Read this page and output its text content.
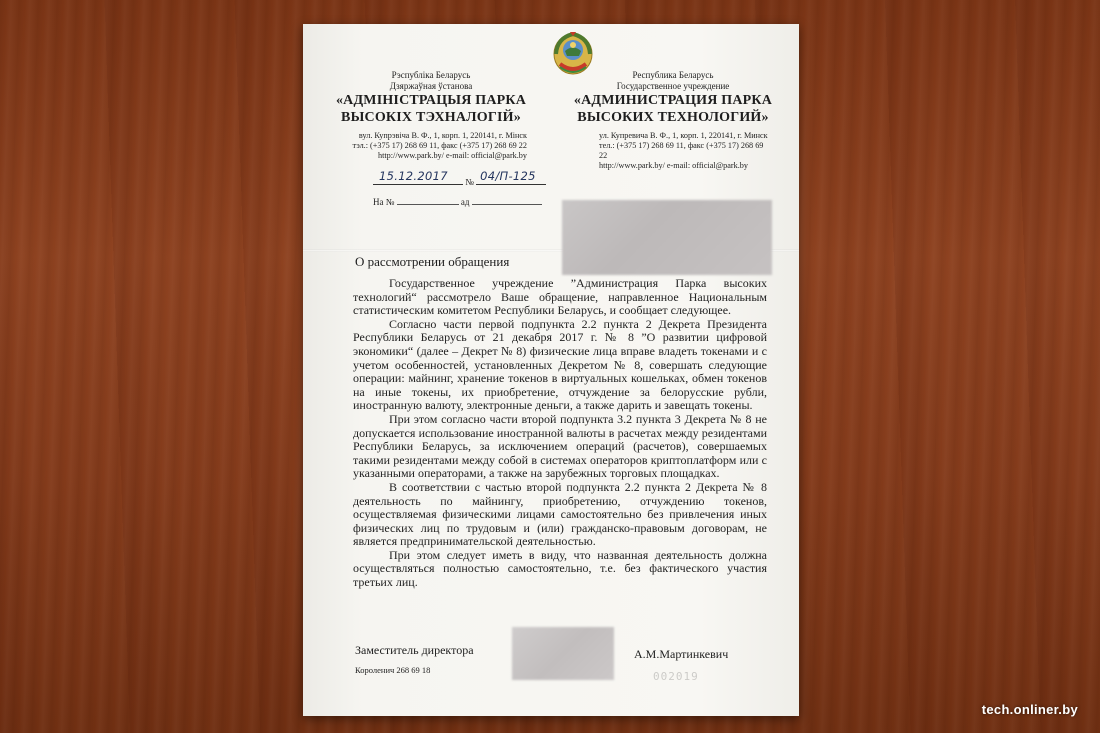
Рэспубліка Беларусь
Дзяржаўная ўстанова
«АДМІНІСТРАЦЫЯ ПАРКА
ВЫСОКІХ ТЭХНАЛОГІЙ»
вул. Купрэвіча В. Ф., 1, корп. 1, 220141, г. Мінск
тэл.: (+375 17) 268 69 11, факс (+375 17) 268 69 22
http://www.park.by/ e-mail: official@park.by
Республика Беларусь
Государственное учреждение
«АДМИНИСТРАЦИЯ ПАРКА
ВЫСОКИХ ТЕХНОЛОГИЙ»
ул. Купревича В. Ф., 1, корп. 1, 220141, г. Минск
тел.: (+375 17) 268 69 11, факс (+375 17) 268 69 22
http://www.park.by/ e-mail: official@park.by
15.12.2017 № 04/П-125
На №	ад
О рассмотрении обращения

Государственное учреждение ”Администрация Парка высоких технологий“ рассмотрело Ваше обращение, направленное Национальным статистическим комитетом Республики Беларусь, и сообщает следующее.

Согласно части первой подпункта 2.2 пункта 2 Декрета Президента Республики Беларусь от 21 декабря 2017 г. № 8 ”О развитии цифровой экономики“ (далее – Декрет № 8) физические лица вправе владеть токенами и с учетом особенностей, установленных Декретом № 8, совершать следующие операции: майнинг, хранение токенов в виртуальных кошельках, обмен токенов на иные токены, их приобретение, отчуждение за белорусские рубли, иностранную валюту, электронные деньги, а также дарить и завещать токены.

При этом согласно части второй подпункта 3.2 пункта 3 Декрета № 8 не допускается использование иностранной валюты в расчетах между резидентами Республики Беларусь, за исключением операций (расчетов), совершаемых такими резидентами между собой в системах операторов криптоплатформ или с указанными операторами, а также на зарубежных торговых площадках.

В соответствии с частью второй подпункта 2.2 пункта 2 Декрета № 8 деятельность по майнингу, приобретению, отчуждению токенов, осуществляемая физическими лицами самостоятельно без привлечения иных физических лиц по трудовым и (или) гражданско-правовым договорам, не является предпринимательской деятельностью.

При этом следует иметь в виду, что названная деятельность должна осуществляться полностью самостоятельно, т.е. без фактического участия третьих лиц.

Заместитель директора	А.М.Мартинкевич
Короленич 268 69 18	002019
tech.onliner.by
